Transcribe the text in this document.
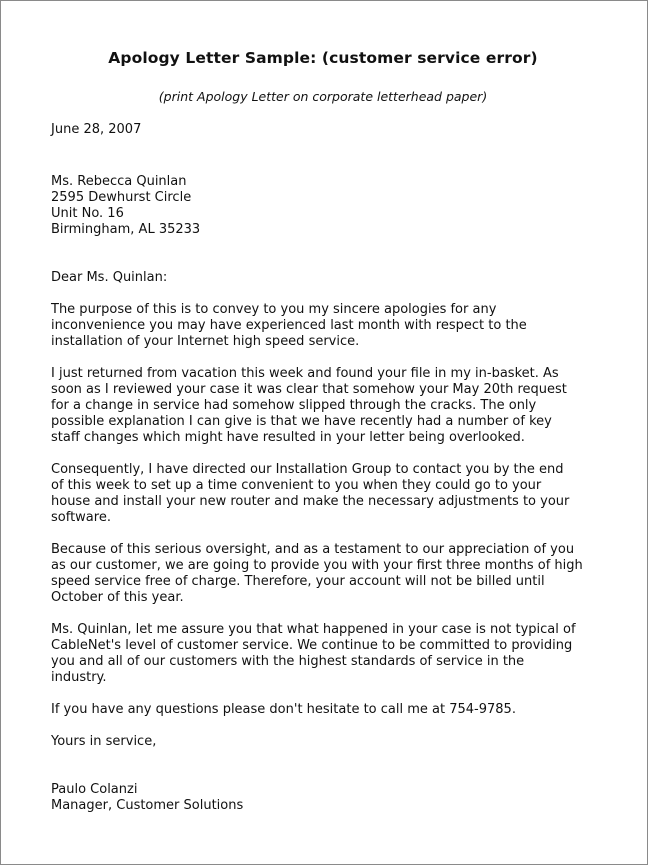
Apology Letter Sample: (customer service error)
(print Apology Letter on corporate letterhead paper)
June 28, 2007
Ms. Rebecca Quinlan
2595 Dewhurst Circle
Unit No. 16
Birmingham, AL 35233
Dear Ms. Quinlan:
The purpose of this is to convey to you my sincere apologies for any
inconvenience you may have experienced last month with respect to the
installation of your Internet high speed service.
I just returned from vacation this week and found your file in my in-basket. As
soon as I reviewed your case it was clear that somehow your May 20th request
for a change in service had somehow slipped through the cracks. The only
possible explanation I can give is that we have recently had a number of key
staff changes which might have resulted in your letter being overlooked.
Consequently, I have directed our Installation Group to contact you by the end
of this week to set up a time convenient to you when they could go to your
house and install your new router and make the necessary adjustments to your
software.
Because of this serious oversight, and as a testament to our appreciation of you
as our customer, we are going to provide you with your first three months of high
speed service free of charge. Therefore, your account will not be billed until
October of this year.
Ms. Quinlan, let me assure you that what happened in your case is not typical of
CableNet's level of customer service. We continue to be committed to providing
you and all of our customers with the highest standards of service in the
industry.
If you have any questions please don't hesitate to call me at 754-9785.
Yours in service,
Paulo Colanzi
Manager, Customer Solutions
